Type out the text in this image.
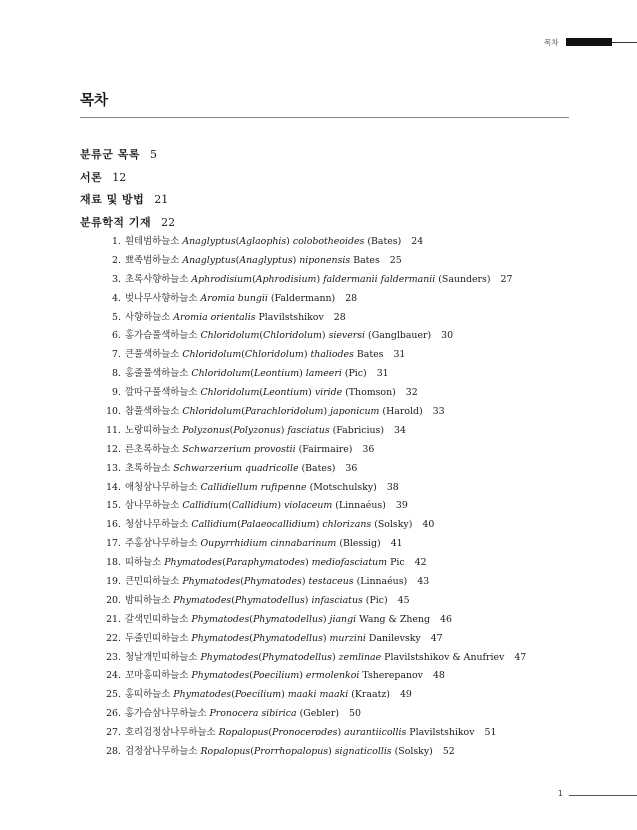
목차
목차
분류군 목록 5
서론 12
재료 및 방법 21
분류학적 기재 22
1. 흰테범하늘소 Anaglyptus(Aglaophis) colobotheoides (Bates) 24
2. 뾰족범하늘소 Anaglyptus(Anaglyptus) niponensis Bates 25
3. 초록사향하늘소 Aphrodisium(Aphrodisium) faldermanii faldermanii (Saunders) 27
4. 벚나무사향하늘소 Aromia bungii (Faldermann) 28
5. 사향하늘소 Aromia orientalis Plavilstshikov 28
6. 홍가슴풀색하늘소 Chloridolum(Chloridolum) sieversi (Ganglbauer) 30
7. 큰풀색하늘소 Chloridolum(Chloridolum) thaliodes Bates 31
8. 홍줄풀색하늘소 Chloridolum(Leontium) lameeri (Pic) 31
9. 깔따구풀색하늘소 Chloridolum(Leontium) viride (Thomson) 32
10. 참풀색하늘소 Chloridolum(Parachloridolum) japonicum (Harold) 33
11. 노랑띠하늘소 Polyzonus(Polyzonus) fasciatus (Fabricius) 34
12. 른초록하늘소 Schwarzerium provostii (Fairmaire) 36
13. 초록하늘소 Schwarzerium quadricolle (Bates) 36
14. 애청삼나무하늘소 Callidiellum rufipenne (Motschulsky) 38
15. 삼나무하늘소 Callidium(Callidium) violaceum (Linnaéus) 39
16. 청삼나무하늘소 Callidium(Palaeocallidium) chlorizans (Solsky) 40
17. 주홍삼나무하늘소 Oupyrrhidium cinnabarinum (Blessig) 41
18. 띠하늘소 Phymatodes(Paraphymatodes) mediofasciatum Pic 42
19. 큰민띠하늘소 Phymatodes(Phymatodes) testaceus (Linnaéus) 43
20. 밤띠하늘소 Phymatodes(Phymatodellus) infasciatus (Pic) 45
21. 갈색민띠하늘소 Phymatodes(Phymatodellus) jiangi Wang & Zheng 46
22. 두줄민띠하늘소 Phymatodes(Phymatodellus) murzini Danilevsky 47
23. 청날개민띠하늘소 Phymatodes(Phymatodellus) zemlinae Plavilstshikov & Anufriev 47
24. 꼬마홍띠하늘소 Phymatodes(Poecilium) ermolenkoi Tsherepanov 48
25. 홍띠하늘소 Phymatodes(Poecilium) maaki maaki (Kraatz) 49
26. 홍가슴삼나무하늘소 Pronocera sibirica (Gebler) 50
27. 호리검정삼나무하늘소 Ropalopus(Pronocerodes) aurantiicollis Plavilstshikov 51
28. 검정삼나무하늘소 Ropalopus(Prorrhopalopus) signaticollis (Solsky) 52
1
